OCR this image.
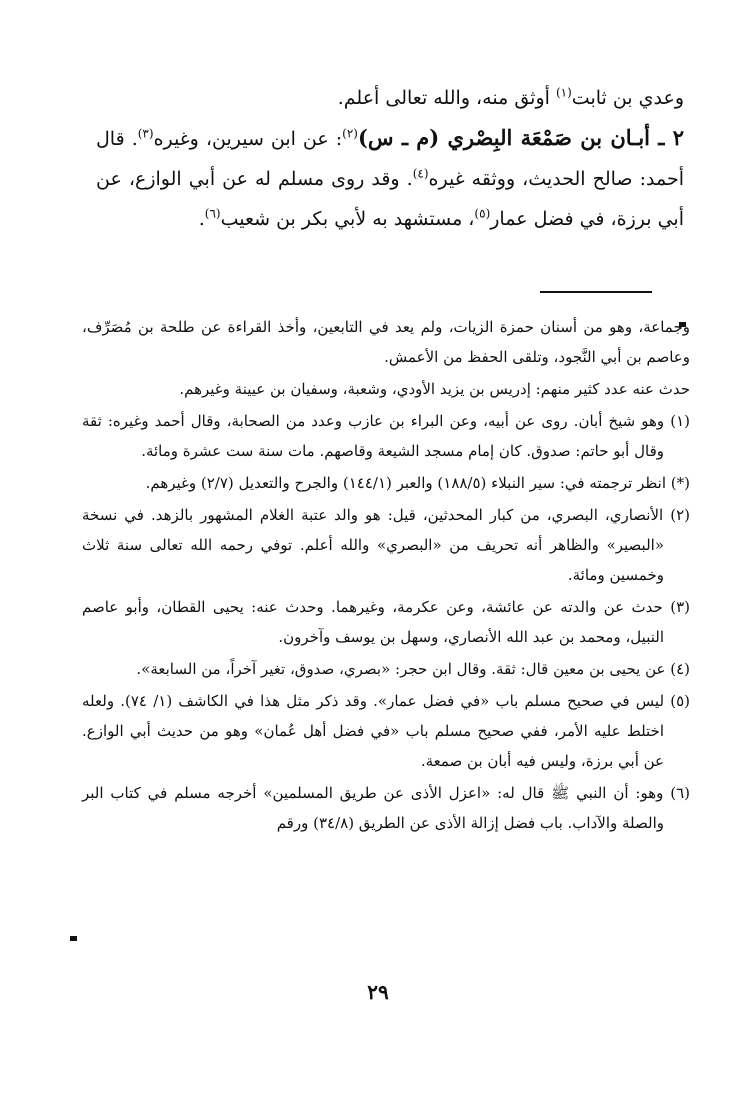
وعدي بن ثابت$^{(١)}$ أوثق منه، والله تعالى أعلم.

٢ ـ أبـان بن صَمْعَة البِصْري (م ـ س)$^{(٢)}$: عن ابن سيرين، وغيره$^{(٣)}$. قال أحمد: صالح الحديث، ووثقه غيره$^{(٤)}$. وقد روى مسلم له عن أبي الوازع، عن أبي برزة، في فضل عمار$^{(٥)}$، مستشهد به لأبي بكر بن شعيب$^{(٦)}$.

وجماعة، وهو من أسنان حمزة الزيات، ولم يعد في التابعين، وأخذ القراءة عن طلحة بن مُصَرِّف، وعاصم بن أبي النَّجود، وتلقى الحفظ من الأعمش.

حدث عنه عدد كثير منهم: إدريس بن يزيد الأودي، وشعبة، وسفيان بن عيينة وغيرهم.

(١) وهو شيخ أبان. روى عن أبيه، وعن البراء بن عازب وعدد من الصحابة، وقال أحمد وغيره: ثقة وقال أبو حاتم: صدوق. كان إمام مسجد الشيعة وقاصهم. مات سنة ست عشرة ومائة.

(*) انظر ترجمته في: سير النبلاء (١٨٨/٥) والعبر (١٤٤/١) والجرح والتعديل (٢/٧) وغيرهم.

(٢) الأنصاري، البصري، من كبار المحدثين، قيل: هو والد عتبة الغلام المشهور بالزهد. في نسخة «البصير» والظاهر أنه تحريف من «البصري» والله أعلم. توفي رحمه الله تعالى سنة ثلاث وخمسين ومائة.

(٣) حدث عن والدته عن عائشة، وعن عكرمة، وغيرهما. وحدث عنه: يحيى القطان، وأبو عاصم النبيل، ومحمد بن عبد الله الأنصاري، وسهل بن يوسف وآخرون.

(٤) عن يحيى بن معين قال: ثقة. وقال ابن حجر: «بصري، صدوق، تغير آخراً، من السابعة».

(٥) ليس في صحيح مسلم باب «في فضل عمار». وقد ذكر مثل هذا في الكاشف (١/ ٧٤). ولعله اختلط عليه الأمر، ففي صحيح مسلم باب «في فضل أهل عُمان» وهو من حديث أبي الوازع. عن أبي برزة، وليس فيه أبان بن صمعة.

(٦) وهو: أن النبي ﷺ قال له: «اعزل الأذى عن طريق المسلمين» أخرجه مسلم في كتاب البر والصلة والآداب. باب فضل إزالة الأذى عن الطريق (٣٤/٨) ورقم

٢٩
